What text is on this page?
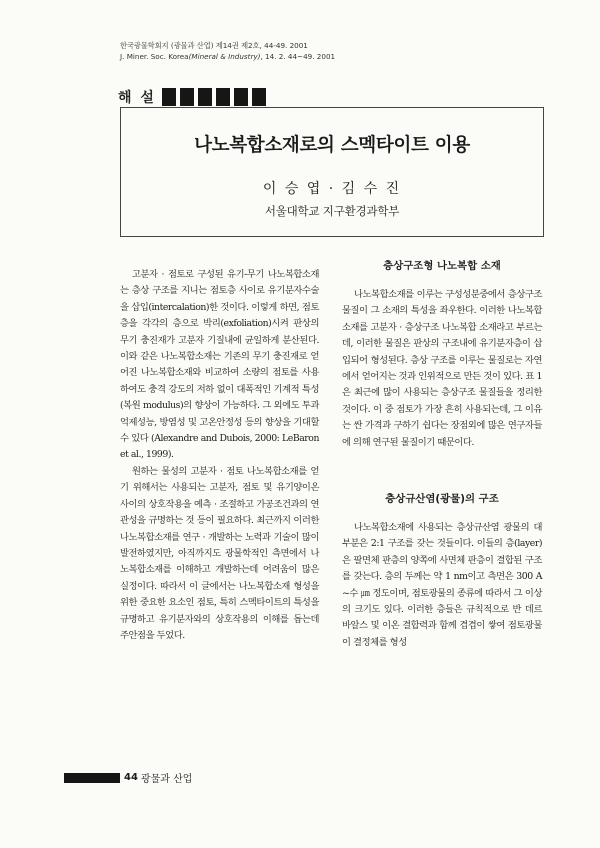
한국광물학회지 (광물과 산업) 제14권 제2호, 44-49. 2001
J. Miner. Soc. Korea(Mineral & Industry), 14. 2. 44~49. 2001
해 설
나노복합소재로의 스멕타이트 이용
이 승 엽 · 김 수 진
서울대학교 지구환경과학부

고분자 · 점토로 구성된 유기-무기 나노복합소재는 층상 구조를 지니는 점토층 사이로 유기분자수술을 삽입(intercalation)한 것이다. 이렇게 하면, 점토층을 각각의 층으로 박리(exfoliation)시켜 판상의 무기 충진재가 고분자 기질내에 균일하게 분산된다. 이와 같은 나노복합소재는 기존의 무기 충진재로 얻어진 나노복합소재와 비교하여 소량의 점토를 사용하여도 충격 강도의 저하 없이 대폭적인 기계적 특성(복원 modulus)의 향상이 가능하다. 그 외에도 투과억제성능, 방염성 및 고온안정성 등의 향상을 기대할 수 있다 (Alexandre and Dubois, 2000: LeBaron et al., 1999).

원하는 물성의 고분자 · 점토 나노복합소재를 얻기 위해서는 사용되는 고분자, 점토 및 유기양이온 사이의 상호작용을 예측 · 조절하고 가공조건과의 연관성을 규명하는 것 등이 필요하다. 최근까지 이러한 나노복합소재를 연구 · 개발하는 노력과 기술이 많이 발전하였지만, 아직까지도 광물학적인 측면에서 나노복합소재를 이해하고 개발하는데 어려움이 많은 실정이다. 따라서 이 글에서는 나노복합소재 형성을 위한 중요한 요소인 점토, 특히 스멕타이트의 특성을 규명하고 유기분자와의 상호작용의 이해를 돕는데 주안점을 두었다.

층상구조형 나노복합 소재

나노복합소재를 이루는 구성성분중에서 층상구조 물질이 그 소재의 특성을 좌우한다. 이러한 나노복합소재를 고분자 · 층상구조 나노복합 소재라고 부르는데, 이러한 물질은 판상의 구조내에 유기분자층이 삽입되어 형성된다. 층상 구조를 이루는 물질로는 자연에서 얻어지는 것과 인위적으로 만든 것이 있다. 표 1은 최근에 많이 사용되는 층상구조 물질들을 정리한 것이다. 이 중 점토가 가장 흔히 사용되는데, 그 이유는 싼 가격과 구하기 쉽다는 장점외에 많은 연구자들에 의해 연구된 물질이기 때문이다.

층상규산염(광물)의 구조

나노복합소재에 사용되는 층상규산염 광물의 대부분은 2:1 구조를 갖는 것들이다. 이들의 층(layer)은 팔면체 판층의 양쪽에 사면체 판층이 결합된 구조를 갖는다. 층의 두께는 약 1 nm이고 측면은 300 A ~수 ㎛ 정도이며, 점토광물의 종류에 따라서 그 이상의 크기도 있다. 이러한 층들은 규칙적으로 반 데르 바알스 및 이온 결합력과 함께 겹겹이 쌓여 점토광물이 결정체를 형성

44 광물과 산업
